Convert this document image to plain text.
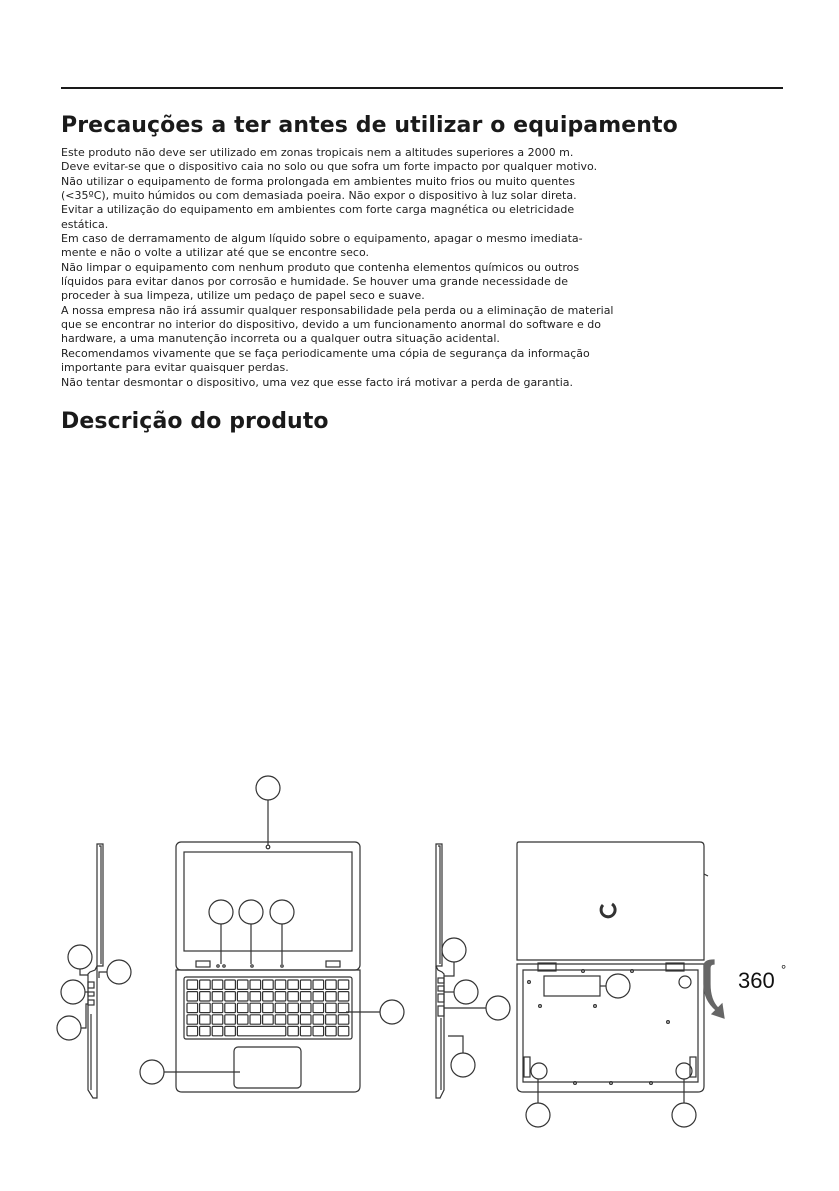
Precauções a ter antes de utilizar o equipamento
Este produto não deve ser utilizado em zonas tropicais nem a altitudes superiores a 2000 m.
Deve evitar-se que o dispositivo caia no solo ou que sofra um forte impacto por qualquer motivo.
Não utilizar o equipamento de forma prolongada em ambientes muito frios ou muito quentes
(<35ºC), muito húmidos ou com demasiada poeira. Não expor o dispositivo à luz solar direta.
Evitar a utilização do equipamento em ambientes com forte carga magnética ou eletricidade
estática.
Em caso de derramamento de algum líquido sobre o equipamento, apagar o mesmo imediata-
mente e não o volte a utilizar até que se encontre seco.
Não limpar o equipamento com nenhum produto que contenha elementos químicos ou outros
líquidos para evitar danos por corrosão e humidade. Se houver uma grande necessidade de
proceder à sua limpeza, utilize um pedaço de papel seco e suave.
A nossa empresa não irá assumir qualquer responsabilidade pela perda ou a eliminação de material
que se encontrar no interior do dispositivo, devido a um funcionamento anormal do software e do
hardware, a uma manutenção incorreta ou a qualquer outra situação acidental.
Recomendamos vivamente que se faça periodicamente uma cópia de segurança da informação
importante para evitar quaisquer perdas.
Não tentar desmontar o dispositivo, uma vez que esse facto irá motivar a perda de garantia.
Descrição do produto
360 °
